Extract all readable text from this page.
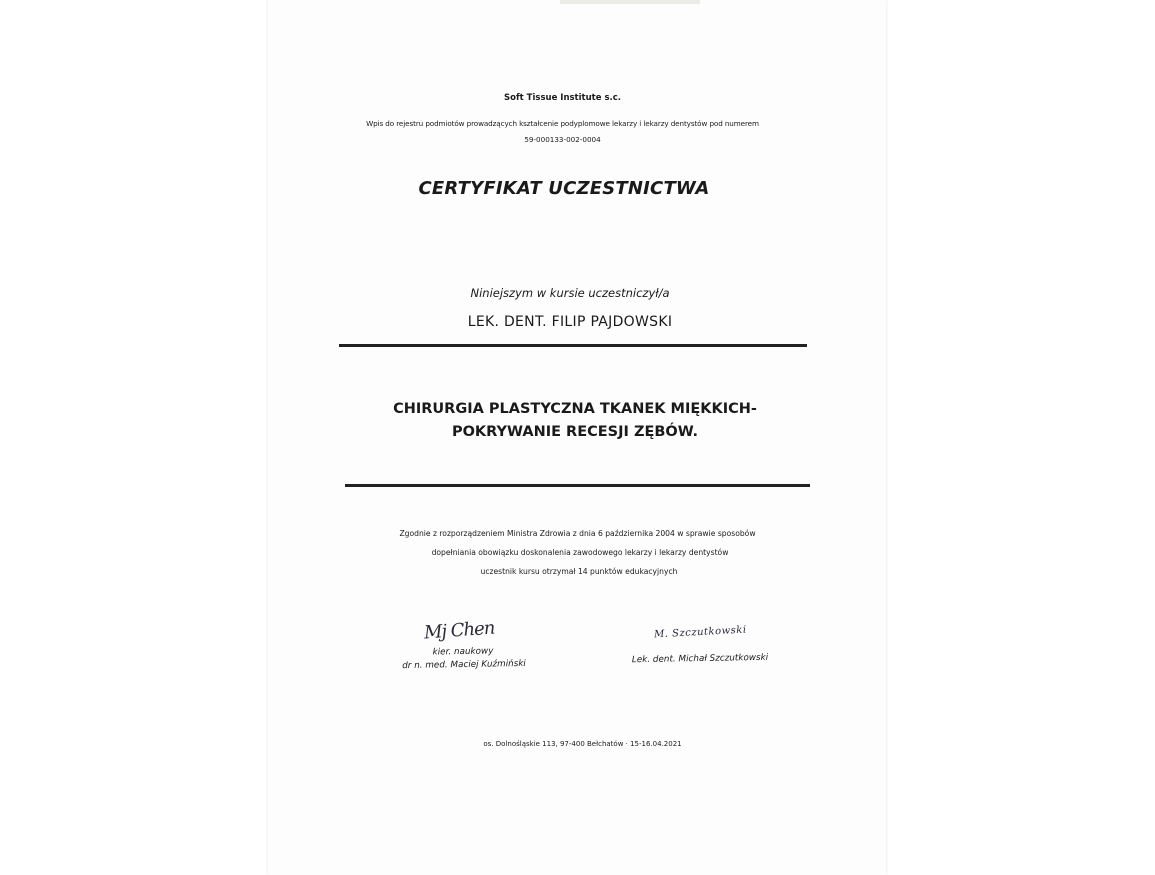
Soft Tissue Institute s.c.
Wpis do rejestru podmiotów prowadzących kształcenie podyplomowe lekarzy i lekarzy dentystów pod numerem
59-000133-002-0004
CERTYFIKAT UCZESTNICTWA
Niniejszym w kursie uczestniczył/a
LEK. DENT. FILIP PAJDOWSKI
CHIRURGIA PLASTYCZNA TKANEK MIĘKKICH-
POKRYWANIE RECESJI ZĘBÓW.
Zgodnie z rozporządzeniem Ministra Zdrowia z dnia 6 października 2004 w sprawie sposobów
dopełniania obowiązku doskonalenia zawodowego lekarzy i lekarzy dentystów
uczestnik kursu otrzymał 14 punktów edukacyjnych
Mj Chen
kier. naukowy
dr n. med. Maciej Kuźmiński
M. Szczutkowski
Lek. dent. Michał Szczutkowski
os. Dolnośląskie 113, 97-400 Bełchatów · 15-16.04.2021
